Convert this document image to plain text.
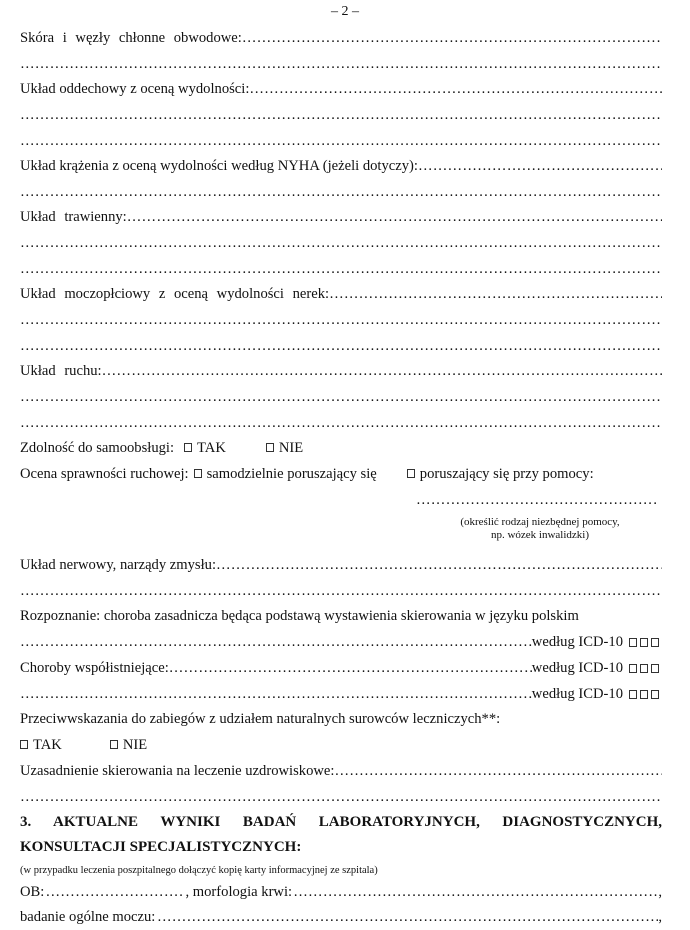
– 2 –
Skóra i węzły chłonne obwodowe:
…………………………………………………………………………………………………………………………………………………………………………………………………………………………………
…………………………………………………………………………………………………………………………………………………………………………………………………………………………………
Układ oddechowy z oceną wydolności:
…………………………………………………………………………………………………………………………………………………………………………………………………………………………………
…………………………………………………………………………………………………………………………………………………………………………………………………………………………………
…………………………………………………………………………………………………………………………………………………………………………………………………………………………………
Układ krążenia z oceną wydolności według NYHA (jeżeli dotyczy):
…………………………………………………………………………………………………………………………………………………………………………………………………………………………………
…………………………………………………………………………………………………………………………………………………………………………………………………………………………………
Układ trawienny:
…………………………………………………………………………………………………………………………………………………………………………………………………………………………………
…………………………………………………………………………………………………………………………………………………………………………………………………………………………………
…………………………………………………………………………………………………………………………………………………………………………………………………………………………………
Układ moczopłciowy z oceną wydolności nerek:
…………………………………………………………………………………………………………………………………………………………………………………………………………………………………
…………………………………………………………………………………………………………………………………………………………………………………………………………………………………
…………………………………………………………………………………………………………………………………………………………………………………………………………………………………
Układ ruchu:
…………………………………………………………………………………………………………………………………………………………………………………………………………………………………
…………………………………………………………………………………………………………………………………………………………………………………………………………………………………
…………………………………………………………………………………………………………………………………………………………………………………………………………………………………
Zdolność do samoobsługi: TAK	NIE
Ocena sprawności ruchowej: samodzielnie poruszający się	poruszający się przy pomocy:
…………………………………………………………………………………………………………………………………………………………………………………………………………………………………
(określić rodzaj niezbędnej pomocy,
np. wózek inwalidzki)
Układ nerwowy, narządy zmysłu:
…………………………………………………………………………………………………………………………………………………………………………………………………………………………………
…………………………………………………………………………………………………………………………………………………………………………………………………………………………………
Rozpoznanie: choroba zasadnicza będąca podstawą wystawienia skierowania w języku polskim
…………………………………………………………………………………………………………………………………………………………………………………………………………………………………
według ICD-10
Choroby współistniejące: …………………………………………………………………………………………………………………………………………………………………………………………………………………………………	według ICD-10
…………………………………………………………………………………………………………………………………………………………………………………………………………………………………
według ICD-10
Przeciwwskazania do zabiegów z udziałem naturalnych surowców leczniczych**:
TAK	NIE
Uzasadnienie skierowania na leczenie uzdrowiskowe:
…………………………………………………………………………………………………………………………………………………………………………………………………………………………………
…………………………………………………………………………………………………………………………………………………………………………………………………………………………………
3. AKTUALNE WYNIKI BADAŃ LABORATORYJNYCH, DIAGNOSTYCZNYCH,
KONSULTACJI SPECJALISTYCZNYCH:
(w przypadku leczenia poszpitalnego dołączyć kopię karty informacyjnej ze szpitala)
OB: …………………………………………………………………………………………………………………………………………………………………………………………………………………………………	, morfologia krwi: …………………………………………………………………………………………………………………………………………………………………………………………………………………………………	,
badanie ogólne moczu: …………………………………………………………………………………………………………………………………………………………………………………………………………………………………	,
